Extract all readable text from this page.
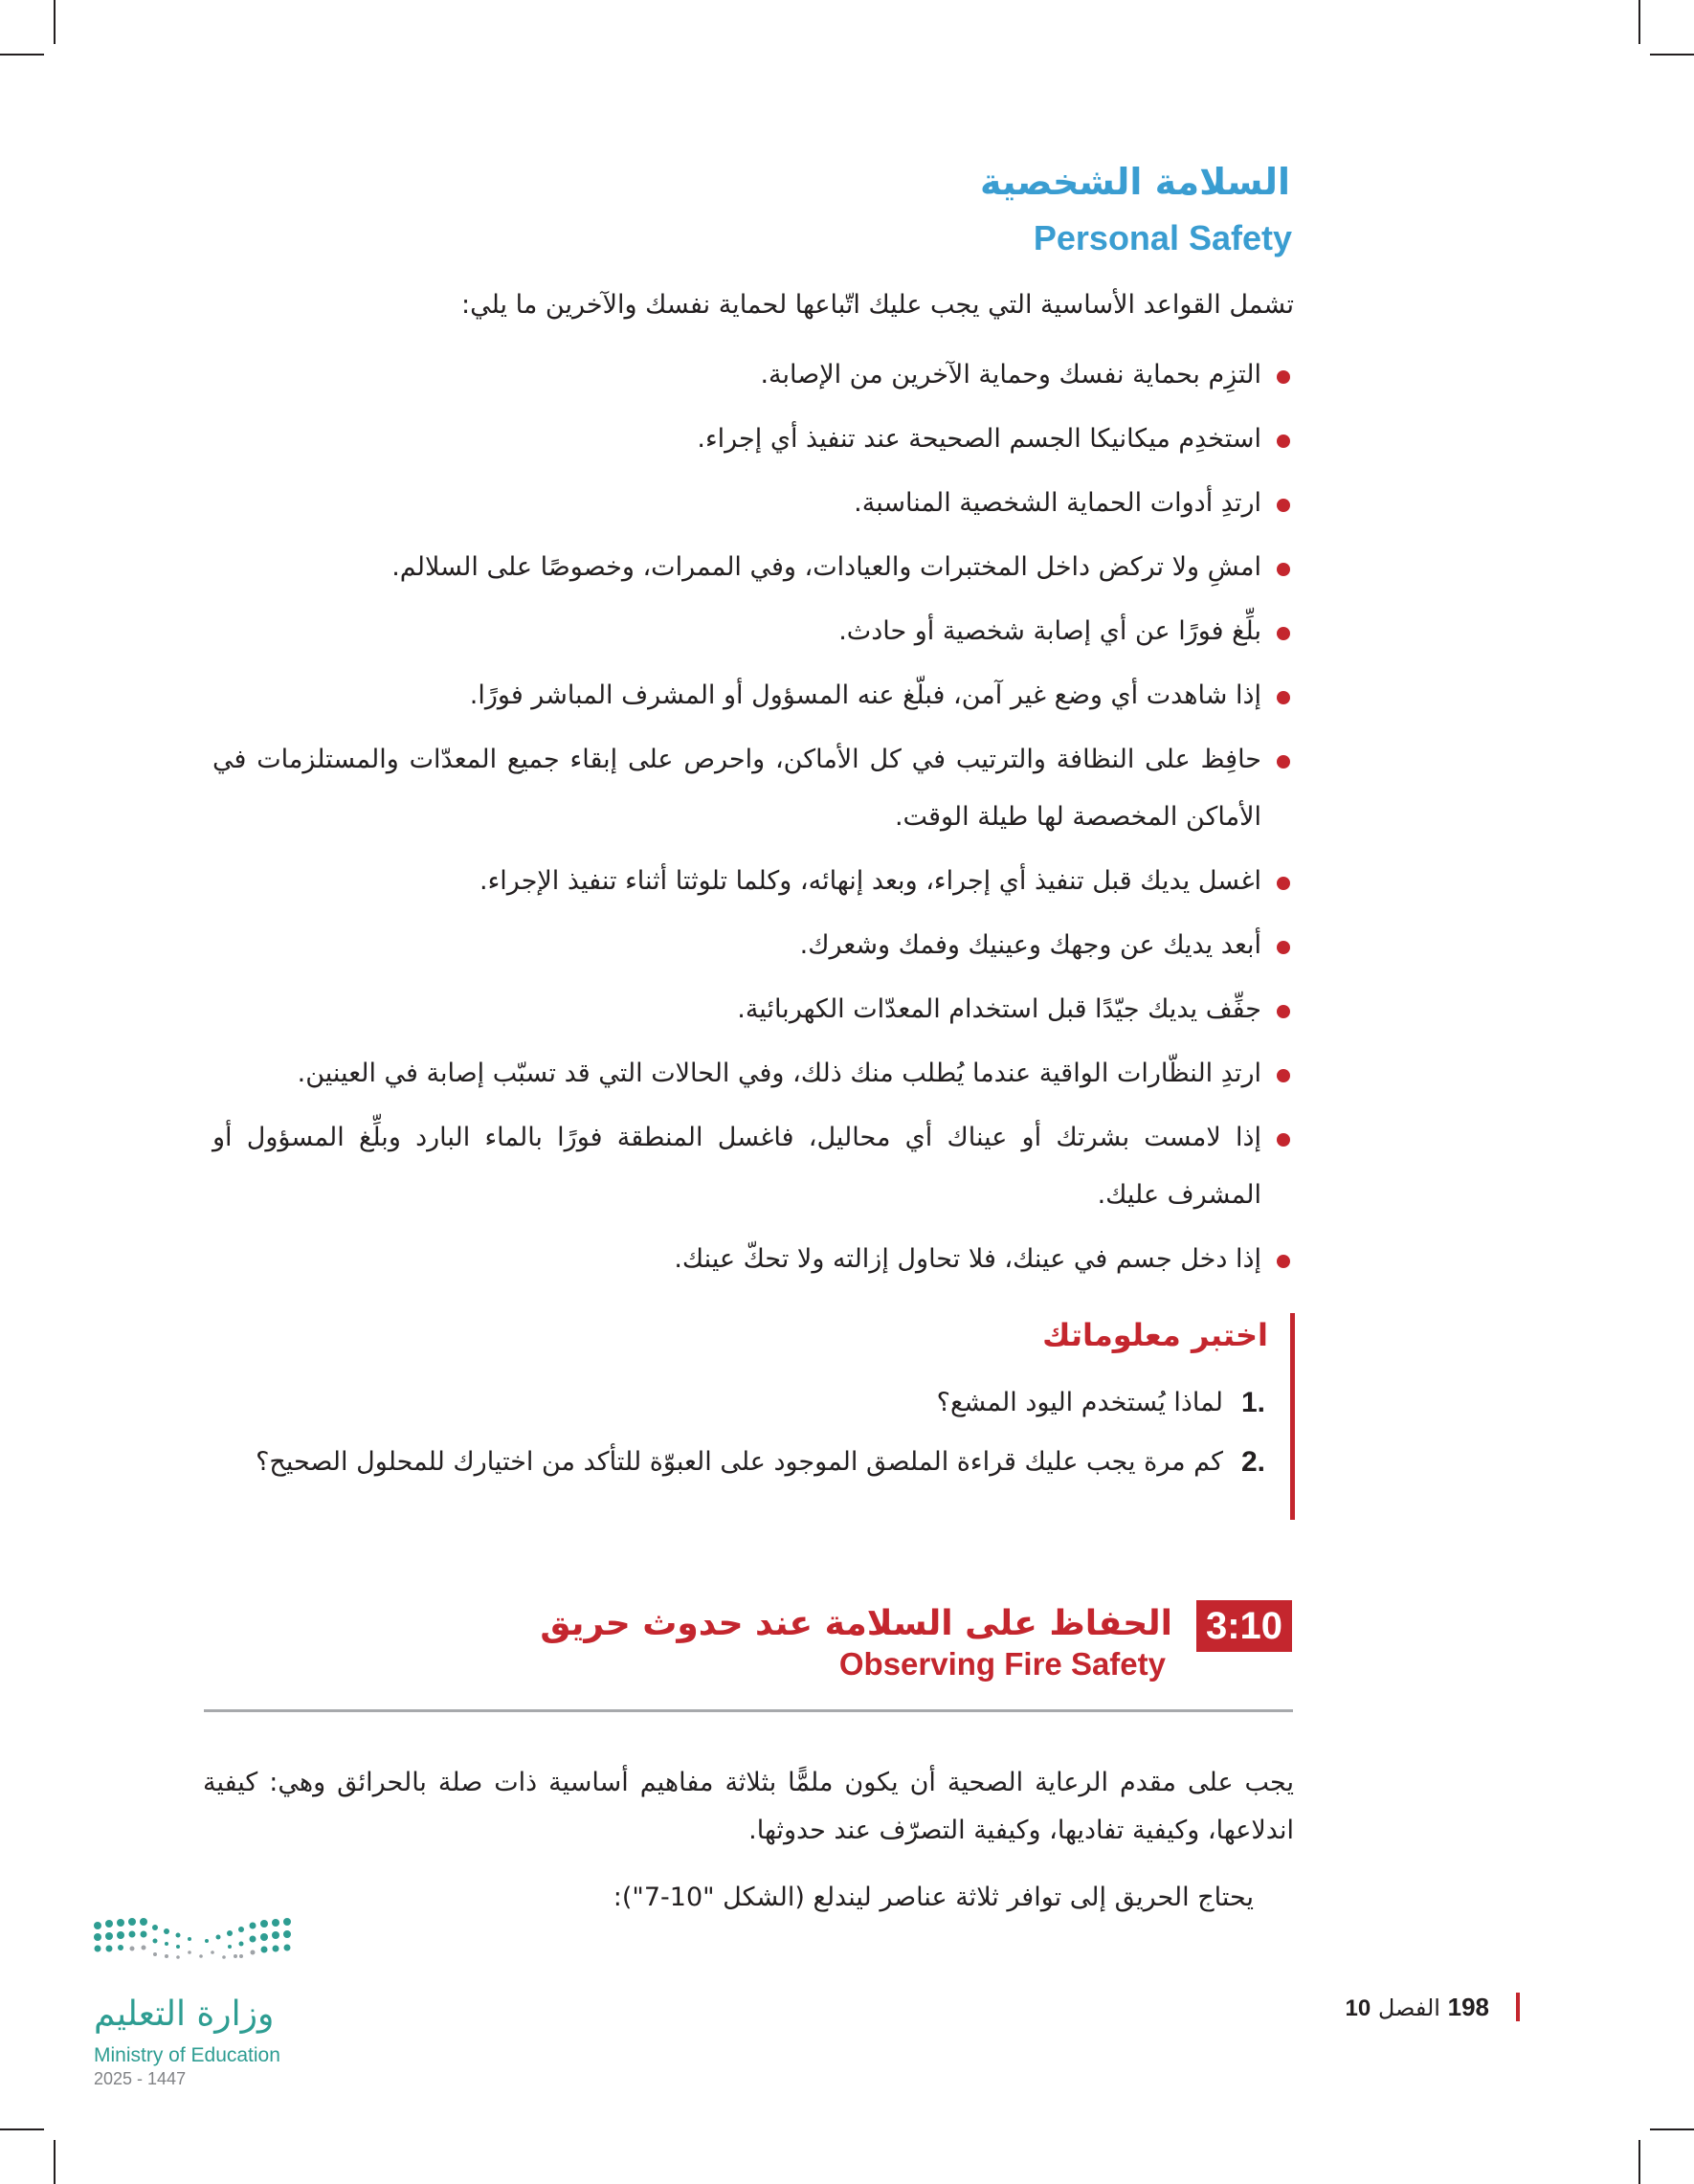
السلامة الشخصية
Personal Safety
تشمل القواعد الأساسية التي يجب عليك اتّباعها لحماية نفسك والآخرين ما يلي:
التزِم بحماية نفسك وحماية الآخرين من الإصابة.
استخدِم ميكانيكا الجسم الصحيحة عند تنفيذ أي إجراء.
ارتدِ أدوات الحماية الشخصية المناسبة.
امشِ ولا تركض داخل المختبرات والعيادات، وفي الممرات، وخصوصًا على السلالم.
بلِّغ فورًا عن أي إصابة شخصية أو حادث.
إذا شاهدت أي وضع غير آمن، فبلّغ عنه المسؤول أو المشرف المباشر فورًا.
حافِظ على النظافة والترتيب في كل الأماكن، واحرص على إبقاء جميع المعدّات والمستلزمات في الأماكن المخصصة لها طيلة الوقت.
اغسل يديك قبل تنفيذ أي إجراء، وبعد إنهائه، وكلما تلوثتا أثناء تنفيذ الإجراء.
أبعد يديك عن وجهك وعينيك وفمك وشعرك.
جفِّف يديك جيّدًا قبل استخدام المعدّات الكهربائية.
ارتدِ النظّارات الواقية عندما يُطلب منك ذلك، وفي الحالات التي قد تسبّب إصابة في العينين.
إذا لامست بشرتك أو عيناك أي محاليل، فاغسل المنطقة فورًا بالماء البارد وبلِّغ المسؤول أو المشرف عليك.
إذا دخل جسم في عينك، فلا تحاول إزالته ولا تحكّ عينك.
اختبر معلوماتك
1.
لماذا يُستخدم اليود المشع؟
2.
كم مرة يجب عليك قراءة الملصق الموجود على العبوّة للتأكد من اختيارك للمحلول الصحيح؟
3:10
الحفاظ على السلامة عند حدوث حريق
Observing Fire Safety
يجب على مقدم الرعاية الصحية أن يكون ملمًّا بثلاثة مفاهيم أساسية ذات صلة بالحرائق وهي: كيفية اندلاعها، وكيفية تفاديها، وكيفية التصرّف عند حدوثها.
يحتاج الحريق إلى توافر ثلاثة عناصر ليندلع (الشكل "10-7"):
وزارة التعليم
Ministry of Education
2025 - 1447
198 الفصل 10
